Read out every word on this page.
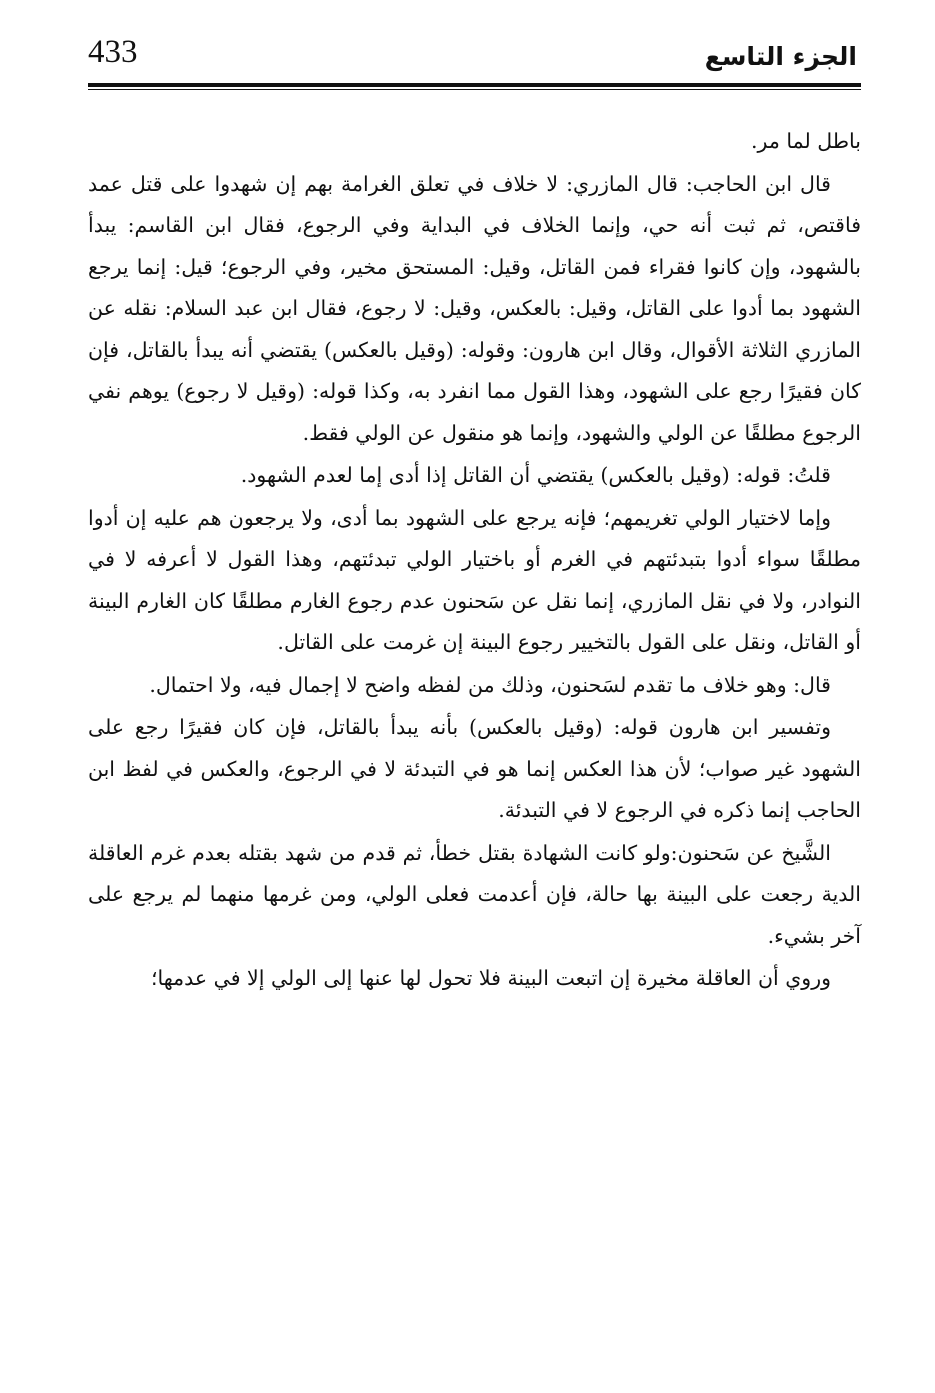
الجزء التاسع
433

باطل لما مر.

قال ابن الحاجب: قال المازري: لا خلاف في تعلق الغرامة بهم إن شهدوا على قتل عمد فاقتص، ثم ثبت أنه حي، وإنما الخلاف في البداية وفي الرجوع، فقال ابن القاسم: يبدأ بالشهود، وإن كانوا فقراء فمن القاتل، وقيل: المستحق مخير، وفي الرجوع؛ قيل: إنما يرجع الشهود بما أدوا على القاتل، وقيل: بالعكس، وقيل: لا رجوع، فقال ابن عبد السلام: نقله عن المازري الثلاثة الأقوال، وقال ابن هارون: وقوله: (وقيل بالعكس) يقتضي أنه يبدأ بالقاتل، فإن كان فقيرًا رجع على الشهود، وهذا القول مما انفرد به، وكذا قوله: (وقيل لا رجوع) يوهم نفي الرجوع مطلقًا عن الولي والشهود، وإنما هو منقول عن الولي فقط.

قلتُ: قوله: (وقيل بالعكس) يقتضي أن القاتل إذا أدى إما لعدم الشهود.

وإما لاختيار الولي تغريمهم؛ فإنه يرجع على الشهود بما أدى، ولا يرجعون هم عليه إن أدوا مطلقًا سواء أدوا بتبدئتهم في الغرم أو باختيار الولي تبدئتهم، وهذا القول لا أعرفه لا في النوادر، ولا في نقل المازري، إنما نقل عن سَحنون عدم رجوع الغارم مطلقًا كان الغارم البينة أو القاتل، ونقل على القول بالتخيير رجوع البينة إن غرمت على القاتل.

قال: وهو خلاف ما تقدم لسَحنون، وذلك من لفظه واضح لا إجمال فيه، ولا احتمال.

وتفسير ابن هارون قوله: (وقيل بالعكس) بأنه يبدأ بالقاتل، فإن كان فقيرًا رجع على الشهود غير صواب؛ لأن هذا العكس إنما هو في التبدئة لا في الرجوع، والعكس في لفظ ابن الحاجب إنما ذكره في الرجوع لا في التبدئة.

الشَّيخ عن سَحنون:ولو كانت الشهادة بقتل خطأ، ثم قدم من شهد بقتله بعدم غرم العاقلة الدية رجعت على البينة بها حالة، فإن أعدمت فعلى الولي، ومن غرمها منهما لم يرجع على آخر بشيء.

وروي أن العاقلة مخيرة إن اتبعت البينة فلا تحول لها عنها إلى الولي إلا في عدمها؛
